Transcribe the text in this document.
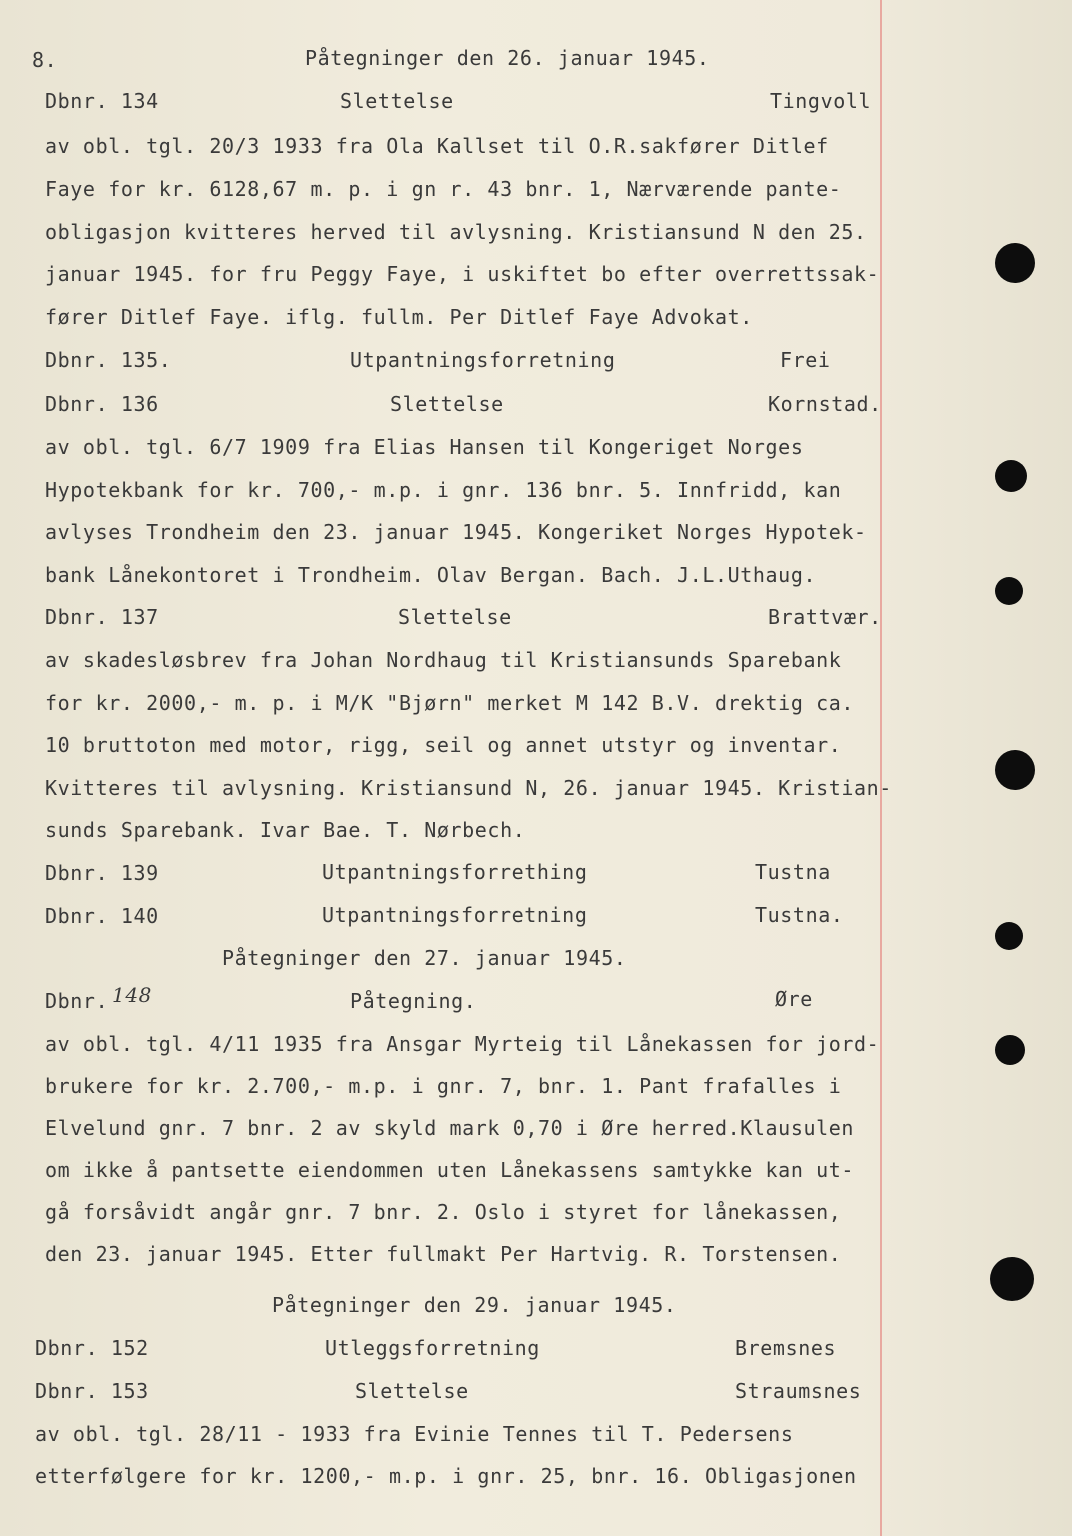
8.	Påtegninger den 26. januar 1945.
Dbnr. 134	Slettelse	Tingvoll
av obl. tgl. 20/3 1933 fra Ola Kallset til O.R.sakfører Ditlef
Faye for kr. 6128,67 m. p. i gn r. 43 bnr. 1, Nærværende pante-
obligasjon kvitteres herved til avlysning. Kristiansund N den 25.
januar 1945. for fru Peggy Faye, i uskiftet bo efter overrettssak-
fører Ditlef Faye. iflg. fullm. Per Ditlef Faye Advokat.
Dbnr. 135.	Utpantningsforretning	Frei
Dbnr. 136	Slettelse	Kornstad.
av obl. tgl. 6/7 1909 fra Elias Hansen til Kongeriget Norges
Hypotekbank for kr. 700,- m.p. i gnr. 136 bnr. 5. Innfridd, kan
avlyses Trondheim den 23. januar 1945. Kongeriket Norges Hypotek-
bank Lånekontoret i Trondheim. Olav Bergan. Bach. J.L.Uthaug.
Dbnr. 137	Slettelse	Brattvær.
av skadesløsbrev fra Johan Nordhaug til Kristiansunds Sparebank
for kr. 2000,- m. p. i M/K "Bjørn" merket M 142 B.V. drektig ca.
10 bruttoton med motor, rigg, seil og annet utstyr og inventar.
Kvitteres til avlysning. Kristiansund N, 26. januar 1945. Kristian-
sunds Sparebank. Ivar Bae. T. Nørbech.
Dbnr. 139	Utpantningsforrething	Tustna
Dbnr. 140	Utpantningsforretning	Tustna.
Påtegninger den 27. januar 1945.
Dbnr. 148	Påtegning.	Øre
av obl. tgl. 4/11 1935 fra Ansgar Myrteig til Lånekassen for jord-
brukere for kr. 2.700,- m.p. i gnr. 7, bnr. 1. Pant frafalles i
Elvelund gnr. 7 bnr. 2 av skyld mark 0,70 i Øre herred.Klausulen
om ikke å pantsette eiendommen uten Lånekassens samtykke kan ut-
gå forsåvidt angår gnr. 7 bnr. 2. Oslo i styret for lånekassen,
den 23. januar 1945. Etter fullmakt Per Hartvig. R. Torstensen.
Påtegninger den 29. januar 1945.
Dbnr. 152	Utleggsforretning	Bremsnes
Dbnr. 153	Slettelse	Straumsnes
av obl. tgl. 28/11 - 1933 fra Evinie Tennes til T. Pedersens
etterfølgere for kr. 1200,- m.p. i gnr. 25, bnr. 16. Obligasjonen
